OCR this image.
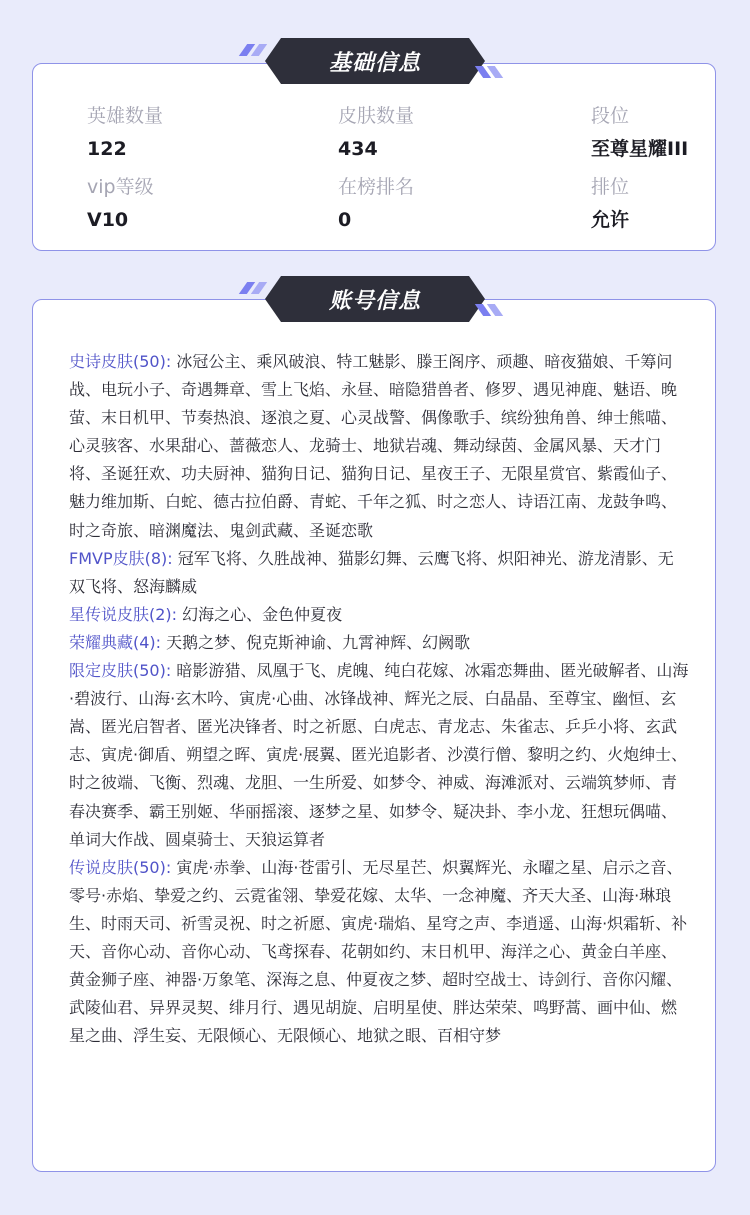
基础信息
英雄数量
122
皮肤数量
434
段位
至尊星耀III
vip等级
V10
在榜排名
0
排位
允许
账号信息

史诗皮肤(50): 冰冠公主、乘风破浪、特工魅影、滕王阁序、顽趣、暗夜猫娘、千筹问战、电玩小子、奇遇舞章、雪上飞焰、永昼、暗隐猎兽者、修罗、遇见神鹿、魅语、晚萤、末日机甲、节奏热浪、逐浪之夏、心灵战警、偶像歌手、缤纷独角兽、绅士熊喵、心灵骇客、水果甜心、蔷薇恋人、龙骑士、地狱岩魂、舞动绿茵、金属风暴、天才门将、圣诞狂欢、功夫厨神、猫狗日记、猫狗日记、星夜王子、无限星赏官、紫霞仙子、魅力维加斯、白蛇、德古拉伯爵、青蛇、千年之狐、时之恋人、诗语江南、龙鼓争鸣、时之奇旅、暗渊魔法、鬼剑武藏、圣诞恋歌

FMVP皮肤(8): 冠军飞将、久胜战神、猫影幻舞、云鹰飞将、炽阳神光、游龙清影、无双飞将、怒海麟威

星传说皮肤(2): 幻海之心、金色仲夏夜

荣耀典藏(4): 天鹅之梦、倪克斯神谕、九霄神辉、幻阙歌

限定皮肤(50): 暗影游猎、凤凰于飞、虎魄、纯白花嫁、冰霜恋舞曲、匿光破解者、山海·碧波行、山海·玄木吟、寅虎·心曲、冰锋战神、辉光之辰、白晶晶、至尊宝、幽恒、玄嵩、匿光启智者、匿光决锋者、时之祈愿、白虎志、青龙志、朱雀志、乒乒小将、玄武志、寅虎·御盾、朔望之晖、寅虎·展翼、匿光追影者、沙漠行僧、黎明之约、火炮绅士、时之彼端、飞衡、烈魂、龙胆、一生所爱、如梦令、神威、海滩派对、云端筑梦师、青春决赛季、霸王别姬、华丽摇滚、逐梦之星、如梦令、疑决卦、李小龙、狂想玩偶喵、单词大作战、圆桌骑士、天狼运算者

传说皮肤(50): 寅虎·赤拳、山海·苍雷引、无尽星芒、炽翼辉光、永曜之星、启示之音、零号·赤焰、挚爱之约、云霓雀翎、挚爱花嫁、太华、一念神魔、齐天大圣、山海·琳琅生、时雨天司、祈雪灵祝、时之祈愿、寅虎·瑞焰、星穹之声、李逍遥、山海·炽霜斩、补天、音你心动、音你心动、飞鸢探春、花朝如约、末日机甲、海洋之心、黄金白羊座、黄金狮子座、神器·万象笔、深海之息、仲夏夜之梦、超时空战士、诗剑行、音你闪耀、武陵仙君、异界灵契、绯月行、遇见胡旋、启明星使、胖达荣荣、鸣野蒿、画中仙、燃星之曲、浮生妄、无限倾心、无限倾心、地狱之眼、百相守梦
